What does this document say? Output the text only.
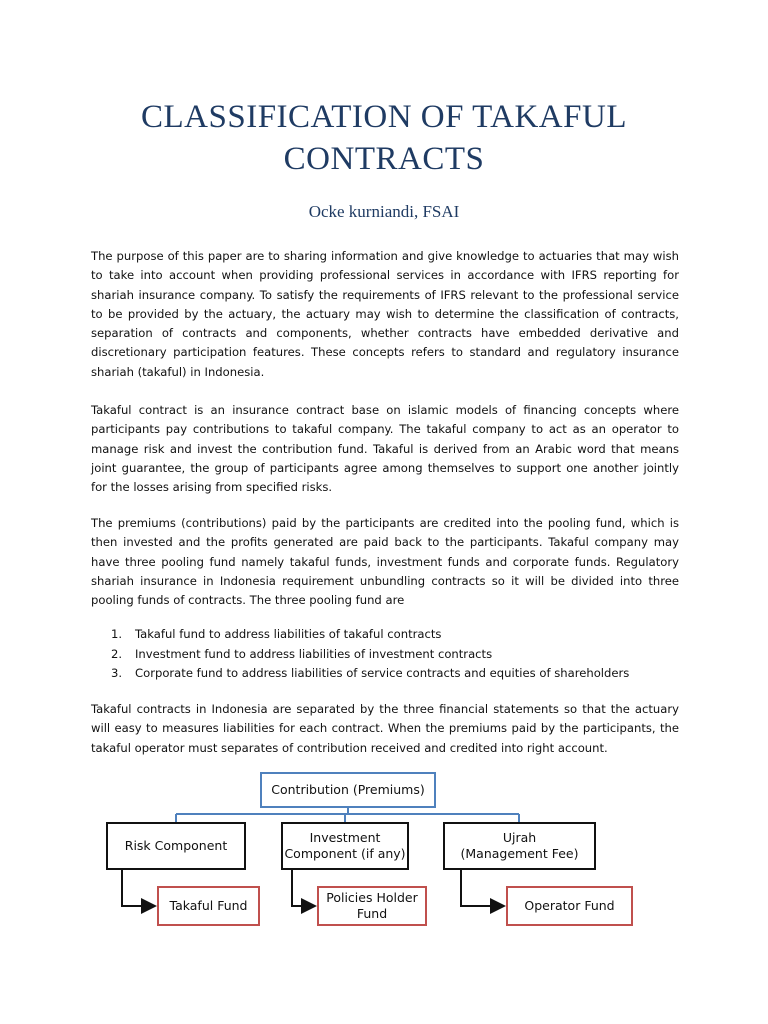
CLASSIFICATION OF TAKAFUL
CONTRACTS
Ocke kurniandi, FSAI

The purpose of this paper are to sharing information and give knowledge to actuaries that may wish to take into account when providing professional services in accordance with IFRS reporting for shariah insurance company. To satisfy the requirements of IFRS relevant to the professional service to be provided by the actuary, the actuary may wish to determine the classification of contracts, separation of contracts and components, whether contracts have embedded derivative and discretionary participation features. These concepts refers to standard and regulatory insurance shariah (takaful) in Indonesia.

Takaful contract is an insurance contract base on islamic models of financing concepts where participants pay contributions to takaful company. The takaful company to act as an operator to manage risk and invest the contribution fund. Takaful is derived from an Arabic word that means joint guarantee, the group of participants agree among themselves to support one another jointly for the losses arising from specified risks.

The premiums (contributions) paid by the participants are credited into the pooling fund, which is then invested and the profits generated are paid back to the participants. Takaful company may have three pooling fund namely takaful funds, investment funds and corporate funds. Regulatory shariah insurance in Indonesia requirement unbundling contracts so it will be divided into three pooling funds of contracts. The three pooling fund are

1. Takaful fund to address liabilities of takaful contracts
2. Investment fund to address liabilities of investment contracts
3. Corporate fund to address liabilities of service contracts and equities of shareholders

Takaful contracts in Indonesia are separated by the three financial statements so that the actuary will easy to measures liabilities for each contract. When the premiums paid by the participants, the takaful operator must separates of contribution received and credited into right account.

Contribution (Premiums)
Risk Component
Investment
Component (if any)
Ujrah
(Management Fee)
Takaful Fund
Policies Holder
Fund
Operator Fund
